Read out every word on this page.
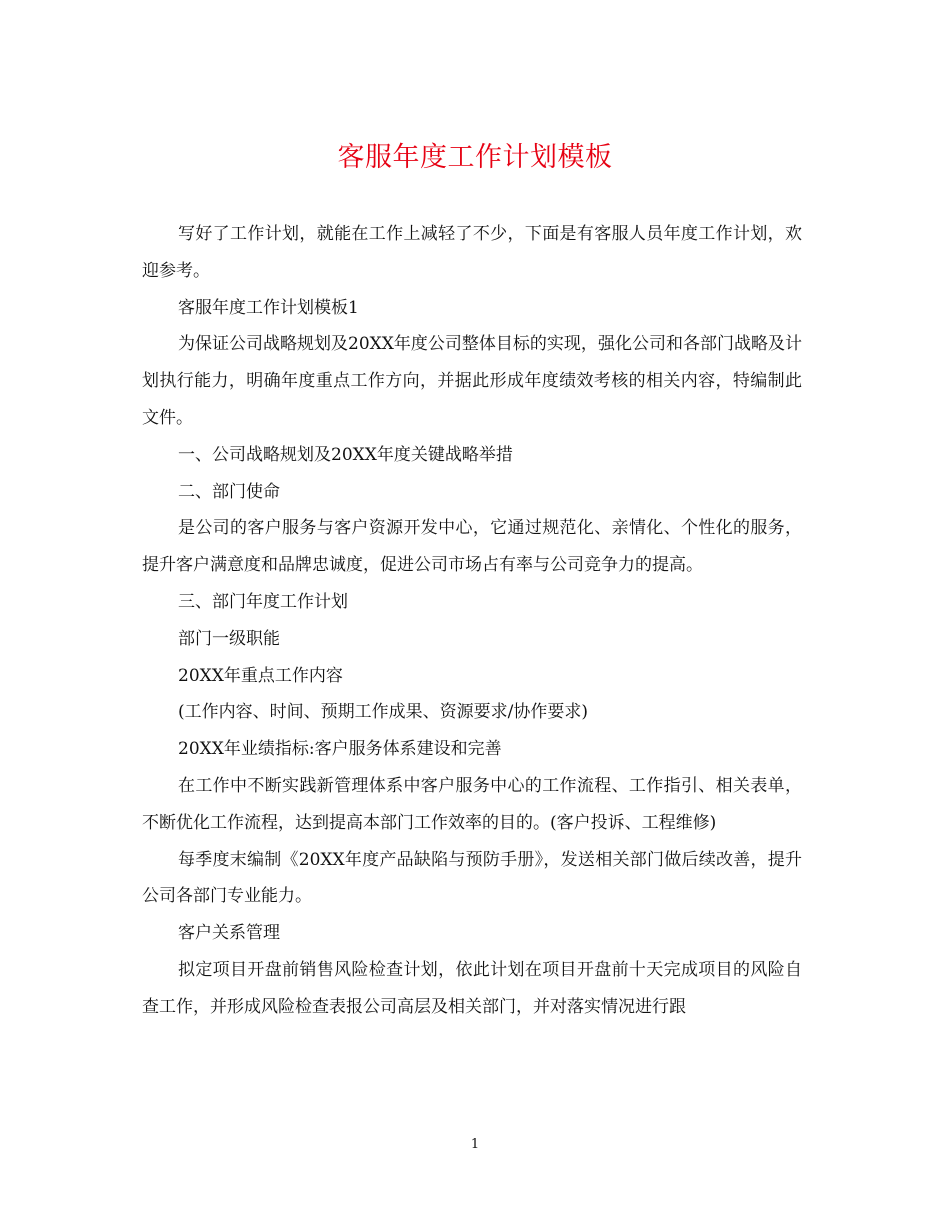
客服年度工作计划模板

写好了工作计划，就能在工作上减轻了不少，下面是有客服人员年度工作计划，欢迎参考。

客服年度工作计划模板1

为保证公司战略规划及20XX年度公司整体目标的实现，强化公司和各部门战略及计划执行能力，明确年度重点工作方向，并据此形成年度绩效考核的相关内容，特编制此文件。

一、公司战略规划及20XX年度关键战略举措

二、部门使命

是公司的客户服务与客户资源开发中心，它通过规范化、亲情化、个性化的服务，提升客户满意度和品牌忠诚度，促进公司市场占有率与公司竞争力的提高。

三、部门年度工作计划

部门一级职能

20XX年重点工作内容

(工作内容、时间、预期工作成果、资源要求/协作要求)

20XX年业绩指标:客户服务体系建设和完善

在工作中不断实践新管理体系中客户服务中心的工作流程、工作指引、相关表单，不断优化工作流程，达到提高本部门工作效率的目的。(客户投诉、工程维修)

每季度末编制《20XX年度产品缺陷与预防手册》，发送相关部门做后续改善，提升公司各部门专业能力。

客户关系管理

拟定项目开盘前销售风险检查计划，依此计划在项目开盘前十天完成项目的风险自查工作，并形成风险检查表报公司高层及相关部门，并对落实情况进行跟

1
